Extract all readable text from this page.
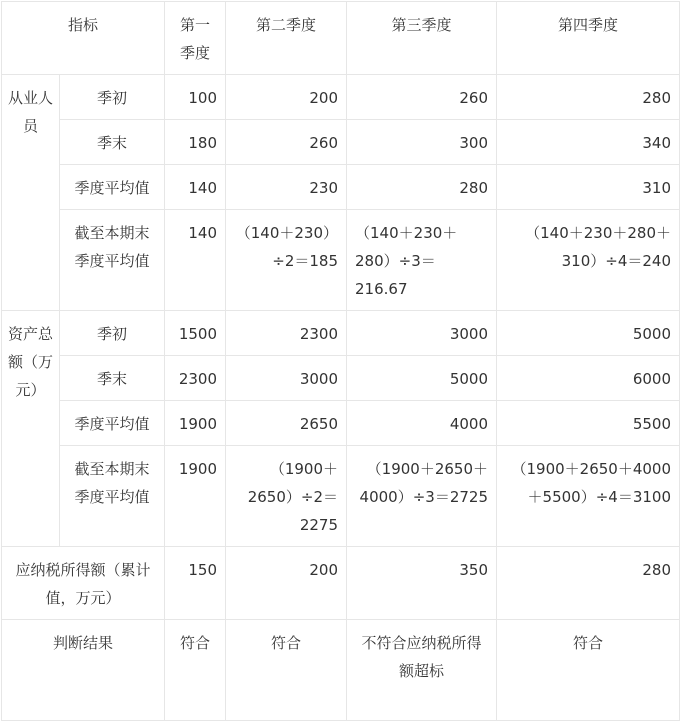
指标		第一季度	第二季度	第三季度	第四季度
从业人员	季初	100	200	260	280
	季末	180	260	300	340
	季度平均值	140	230	280	310
	截至本期末季度平均值	140	（140＋230）÷2＝185	（140＋230＋280）÷3＝216.67	（140＋230＋280＋310）÷4＝240
资产总额（万元）	季初	1500	2300	3000	5000
	季末	2300	3000	5000	6000
	季度平均值	1900	2650	4000	5500
	截至本期末季度平均值	1900	（1900＋2650）÷2＝2275	（1900＋2650＋4000）÷3＝2725	（1900＋2650＋4000＋5500）÷4＝3100
应纳税所得额（累计值，万元）		150	200	350	280
判断结果		符合	符合	不符合应纳税所得额超标	符合
